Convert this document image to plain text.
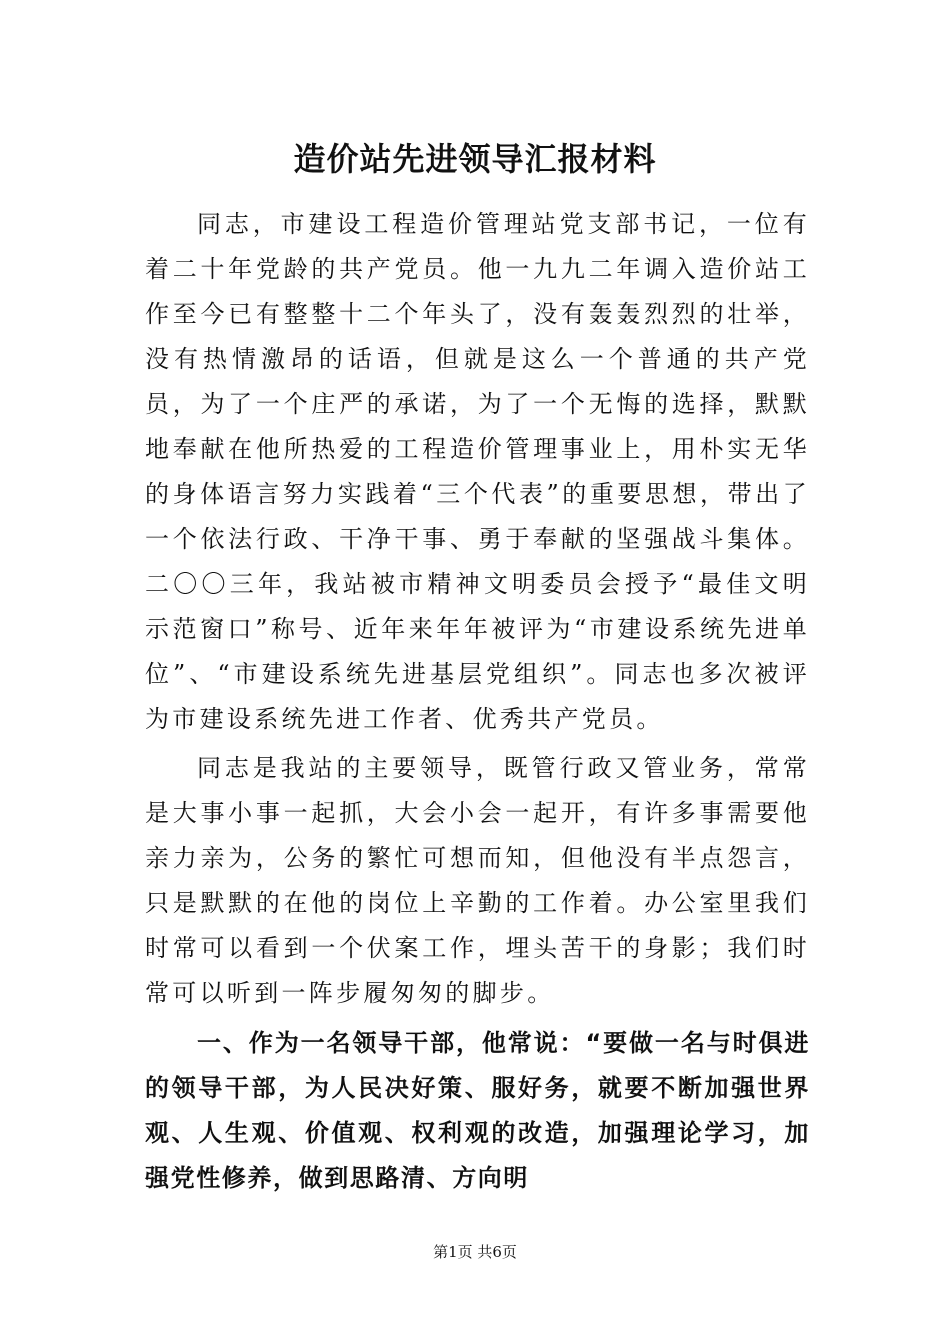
造价站先进领导汇报材料

同志，市建设工程造价管理站党支部书记，一位有着二十年党龄的共产党员。他一九九二年调入造价站工作至今已有整整十二个年头了，没有轰轰烈烈的壮举，没有热情激昂的话语，但就是这么一个普通的共产党员，为了一个庄严的承诺，为了一个无悔的选择，默默地奉献在他所热爱的工程造价管理事业上，用朴实无华的身体语言努力实践着“三个代表”的重要思想，带出了一个依法行政、干净干事、勇于奉献的坚强战斗集体。二〇〇三年，我站被市精神文明委员会授予“最佳文明示范窗口”称号、近年来年年被评为“市建设系统先进单位”、“市建设系统先进基层党组织”。同志也多次被评为市建设系统先进工作者、优秀共产党员。

同志是我站的主要领导，既管行政又管业务，常常是大事小事一起抓，大会小会一起开，有许多事需要他亲力亲为，公务的繁忙可想而知，但他没有半点怨言，只是默默的在他的岗位上辛勤的工作着。办公室里我们时常可以看到一个伏案工作，埋头苦干的身影；我们时常可以听到一阵步履匆匆的脚步。

一、作为一名领导干部，他常说：“要做一名与时俱进的领导干部，为人民决好策、服好务，就要不断加强世界观、人生观、价值观、权利观的改造，加强理论学习，加强党性修养，做到思路清、方向明

第1页 共6页
